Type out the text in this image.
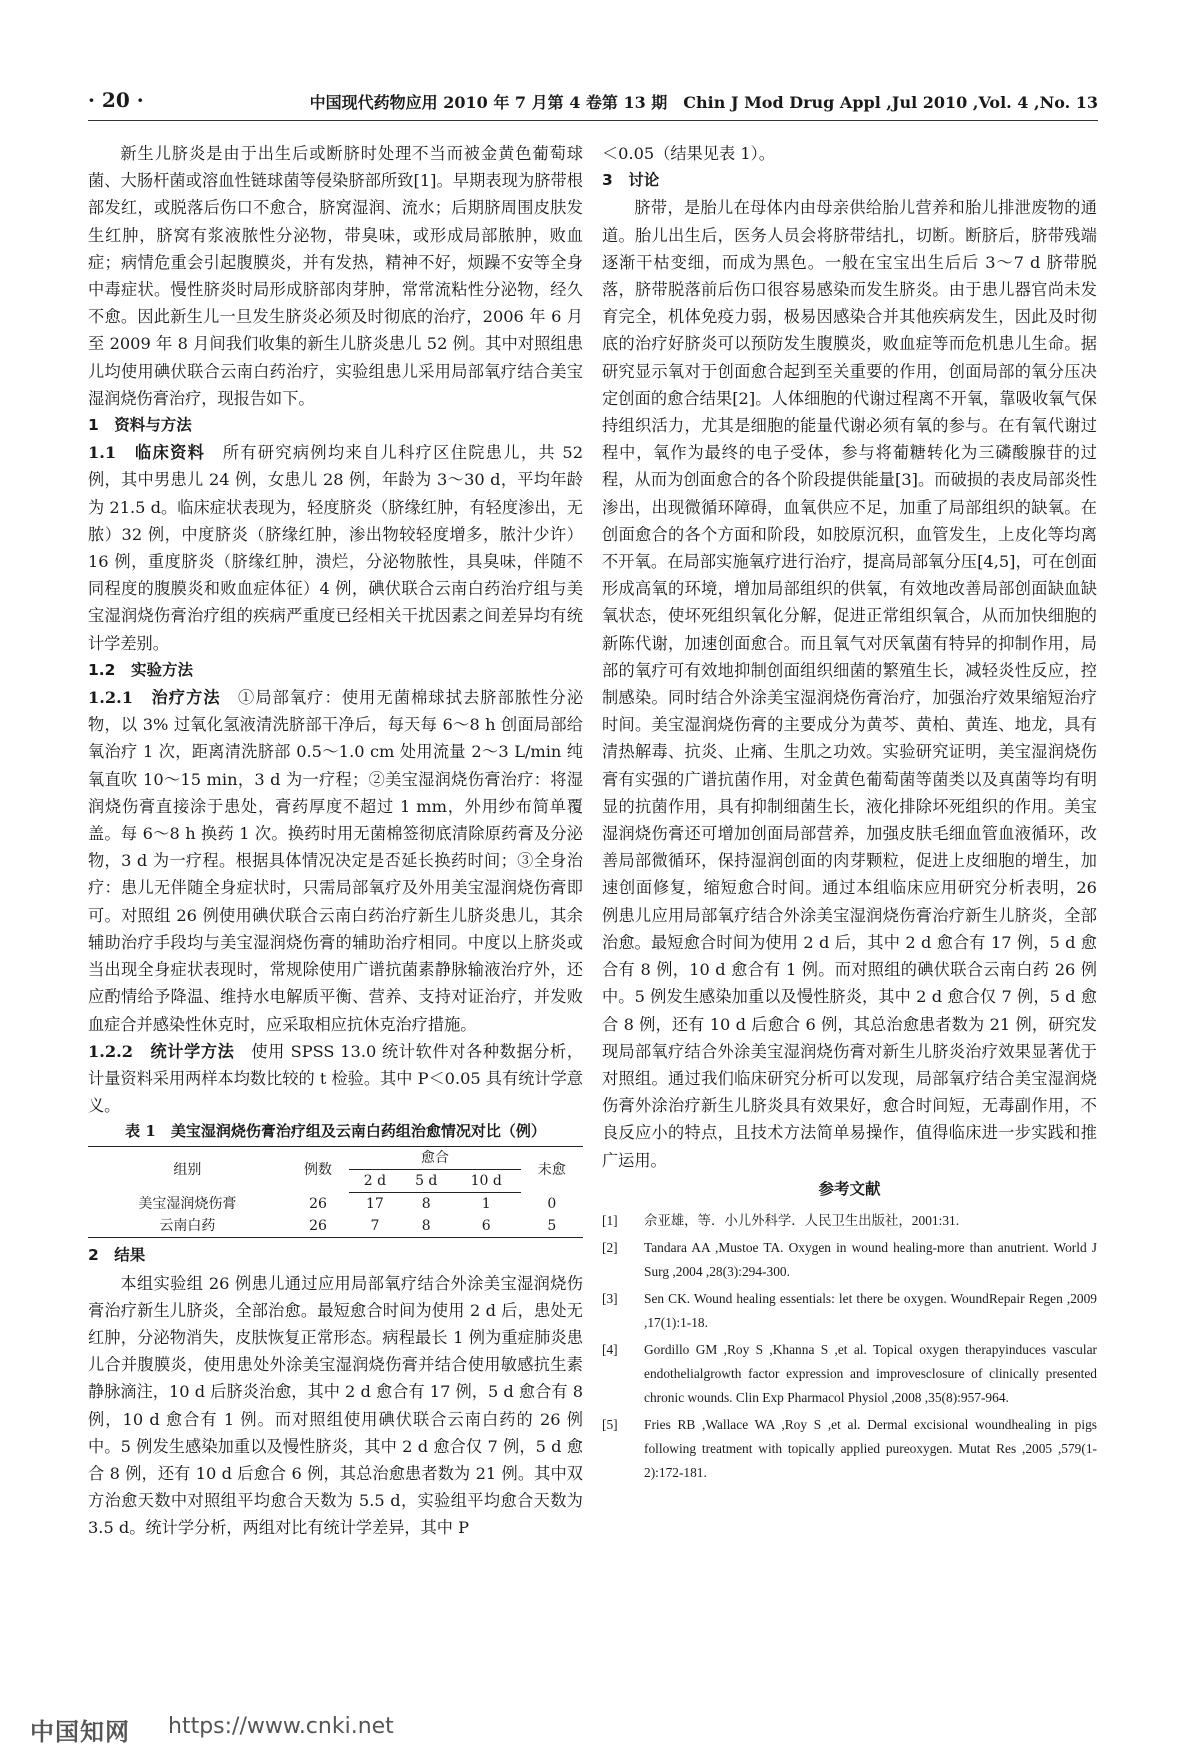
· 20 ·	中国现代药物应用 2010 年 7 月第 4 卷第 13 期　Chin J Mod Drug Appl ,Jul 2010 ,Vol. 4 ,No. 13

新生儿脐炎是由于出生后或断脐时处理不当而被金黄色葡萄球菌、大肠杆菌或溶血性链球菌等侵染脐部所致[1]。早期表现为脐带根部发红，或脱落后伤口不愈合，脐窝湿润、流水；后期脐周围皮肤发生红肿，脐窝有浆液脓性分泌物，带臭味，或形成局部脓肿，败血症；病情危重会引起腹膜炎，并有发热，精神不好，烦躁不安等全身中毒症状。慢性脐炎时局形成脐部肉芽肿，常常流粘性分泌物，经久不愈。因此新生儿一旦发生脐炎必须及时彻底的治疗，2006 年 6 月至 2009 年 8 月间我们收集的新生儿脐炎患儿 52 例。其中对照组患儿均使用碘伏联合云南白药治疗，实验组患儿采用局部氧疗结合美宝湿润烧伤膏治疗，现报告如下。

1　资料与方法

1.1　临床资料　 所有研究病例均来自儿科疗区住院患儿，共 52 例，其中男患儿 24 例，女患儿 28 例，年龄为 3～30 d，平均年龄为 21.5 d。临床症状表现为，轻度脐炎（脐缘红肿，有轻度渗出，无脓）32 例，中度脐炎（脐缘红肿，渗出物较轻度增多，脓汁少许）16 例，重度脐炎（脐缘红肿，溃烂，分泌物脓性，具臭味，伴随不同程度的腹膜炎和败血症体征）4 例，碘伏联合云南白药治疗组与美宝湿润烧伤膏治疗组的疾病严重度已经相关干扰因素之间差异均有统计学差别。

1.2　实验方法

1.2.1　治疗方法　 ①局部氧疗：使用无菌棉球拭去脐部脓性分泌物，以 3% 过氧化氢液清洗脐部干净后，每天每 6～8 h 创面局部给氧治疗 1 次，距离清洗脐部 0.5～1.0 cm 处用流量 2～3 L/min 纯氧直吹 10～15 min，3 d 为一疗程；②美宝湿润烧伤膏治疗：将湿润烧伤膏直接涂于患处，膏药厚度不超过 1 mm，外用纱布简单覆盖。每 6～8 h 换药 1 次。换药时用无菌棉签彻底清除原药膏及分泌物，3 d 为一疗程。根据具体情况决定是否延长换药时间；③全身治疗：患儿无伴随全身症状时，只需局部氧疗及外用美宝湿润烧伤膏即可。对照组 26 例使用碘伏联合云南白药治疗新生儿脐炎患儿，其余辅助治疗手段均与美宝湿润烧伤膏的辅助治疗相同。中度以上脐炎或当出现全身症状表现时，常规除使用广谱抗菌素静脉输液治疗外，还应酌情给予降温、维持水电解质平衡、营养、支持对证治疗，并发败血症合并感染性休克时，应采取相应抗休克治疗措施。

1.2.2　统计学方法　 使用 SPSS 13.0 统计软件对各种数据分析，计量资料采用两样本均数比较的 t 检验。其中 P＜0.05 具有统计学意义。

表 1　美宝湿润烧伤膏治疗组及云南白药组治愈情况对比（例）
组别	例数	愈合			未愈
		2 d	5 d	10 d	
美宝湿润烧伤膏	26	17	8	1	0
云南白药	26	7	8	6	5

2　结果

本组实验组 26 例患儿通过应用局部氧疗结合外涂美宝湿润烧伤膏治疗新生儿脐炎，全部治愈。最短愈合时间为使用 2 d 后，患处无红肿，分泌物消失，皮肤恢复正常形态。病程最长 1 例为重症肺炎患儿合并腹膜炎，使用患处外涂美宝湿润烧伤膏并结合使用敏感抗生素静脉滴注，10 d 后脐炎治愈，其中 2 d 愈合有 17 例，5 d 愈合有 8 例，10 d 愈合有 1 例。而对照组使用碘伏联合云南白药的 26 例中。5 例发生感染加重以及慢性脐炎，其中 2 d 愈合仅 7 例，5 d 愈合 8 例，还有 10 d 后愈合 6 例，其总治愈患者数为 21 例。其中双方治愈天数中对照组平均愈合天数为 5.5 d，实验组平均愈合天数为 3.5 d。统计学分析，两组对比有统计学差异，其中 P

＜0.05（结果见表 1）。

3　讨论

脐带，是胎儿在母体内由母亲供给胎儿营养和胎儿排泄废物的通道。胎儿出生后，医务人员会将脐带结扎，切断。断脐后，脐带残端逐渐干枯变细，而成为黑色。一般在宝宝出生后后 3～7 d 脐带脱落，脐带脱落前后伤口很容易感染而发生脐炎。由于患儿器官尚未发育完全，机体免疫力弱，极易因感染合并其他疾病发生，因此及时彻底的治疗好脐炎可以预防发生腹膜炎，败血症等而危机患儿生命。据研究显示氧对于创面愈合起到至关重要的作用，创面局部的氧分压决定创面的愈合结果[2]。人体细胞的代谢过程离不开氧，靠吸收氧气保持组织活力，尤其是细胞的能量代谢必须有氧的参与。在有氧代谢过程中，氧作为最终的电子受体，参与将葡糖转化为三磷酸腺苷的过程，从而为创面愈合的各个阶段提供能量[3]。而破损的表皮局部炎性渗出，出现微循环障碍，血氧供应不足，加重了局部组织的缺氧。在创面愈合的各个方面和阶段，如胶原沉积，血管发生，上皮化等均离不开氧。在局部实施氧疗进行治疗，提高局部氧分压[4,5]，可在创面形成高氧的环境，增加局部组织的供氧，有效地改善局部创面缺血缺氧状态，使坏死组织氧化分解，促进正常组织氧合，从而加快细胞的新陈代谢，加速创面愈合。而且氧气对厌氧菌有特异的抑制作用，局部的氧疗可有效地抑制创面组织细菌的繁殖生长，减轻炎性反应，控制感染。同时结合外涂美宝湿润烧伤膏治疗，加强治疗效果缩短治疗时间。美宝湿润烧伤膏的主要成分为黄芩、黄柏、黄连、地龙，具有清热解毒、抗炎、止痛、生肌之功效。实验研究证明，美宝湿润烧伤膏有实强的广谱抗菌作用，对金黄色葡萄菌等菌类以及真菌等均有明显的抗菌作用，具有抑制细菌生长，液化排除坏死组织的作用。美宝湿润烧伤膏还可增加创面局部营养，加强皮肤毛细血管血液循环，改善局部微循环，保持湿润创面的肉芽颗粒，促进上皮细胞的增生，加速创面修复，缩短愈合时间。通过本组临床应用研究分析表明，26 例患儿应用局部氧疗结合外涂美宝湿润烧伤膏治疗新生儿脐炎，全部治愈。最短愈合时间为使用 2 d 后，其中 2 d 愈合有 17 例，5 d 愈合有 8 例，10 d 愈合有 1 例。而对照组的碘伏联合云南白药 26 例中。5 例发生感染加重以及慢性脐炎，其中 2 d 愈合仅 7 例，5 d 愈合 8 例，还有 10 d 后愈合 6 例，其总治愈患者数为 21 例，研究发现局部氧疗结合外涂美宝湿润烧伤膏对新生儿脐炎治疗效果显著优于对照组。通过我们临床研究分析可以发现，局部氧疗结合美宝湿润烧伤膏外涂治疗新生儿脐炎具有效果好，愈合时间短，无毒副作用，不良反应小的特点，且技术方法简单易操作，值得临床进一步实践和推广运用。

参考文献
[1]	佘亚雄，等．小儿外科学．人民卫生出版社，2001:31.
[2]	Tandara AA ,Mustoe TA. Oxygen in wound healing-more than anutrient. World J Surg ,2004 ,28(3):294-300.
[3]	Sen CK. Wound healing essentials: let there be oxygen. WoundRepair Regen ,2009 ,17(1):1-18.
[4]	Gordillo GM ,Roy S ,Khanna S ,et al. Topical oxygen therapyinduces vascular endothelialgrowth factor expression and improvesclosure of clinically presented chronic wounds. Clin Exp Pharmacol Physiol ,2008 ,35(8):957-964.
[5]	Fries RB ,Wallace WA ,Roy S ,et al. Dermal excisional woundhealing in pigs following treatment with topically applied pureoxygen. Mutat Res ,2005 ,579(1-2):172-181.
中国知网 https://www.cnki.net
